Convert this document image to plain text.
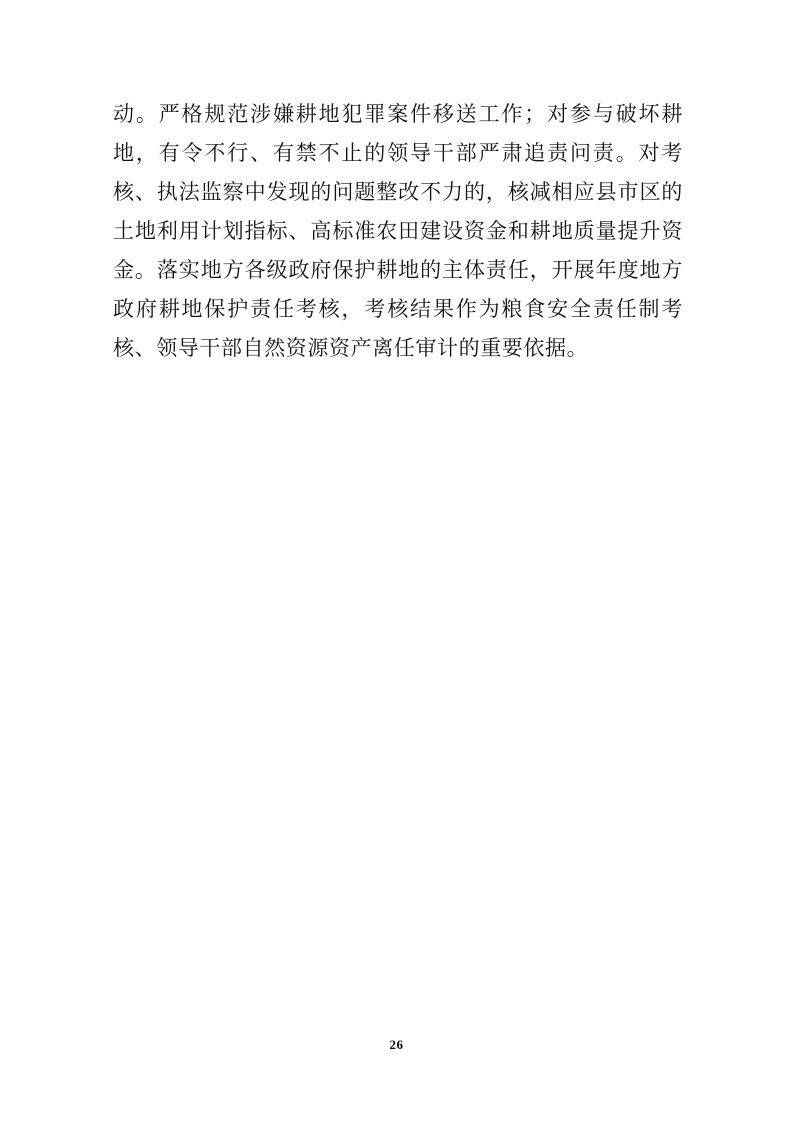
动。严格规范涉嫌耕地犯罪案件移送工作；对参与破坏耕地，有令不行、有禁不止的领导干部严肃追责问责。对考核、执法监察中发现的问题整改不力的，核减相应县市区的土地利用计划指标、高标准农田建设资金和耕地质量提升资金。落实地方各级政府保护耕地的主体责任，开展年度地方政府耕地保护责任考核，考核结果作为粮食安全责任制考核、领导干部自然资源资产离任审计的重要依据。

26
